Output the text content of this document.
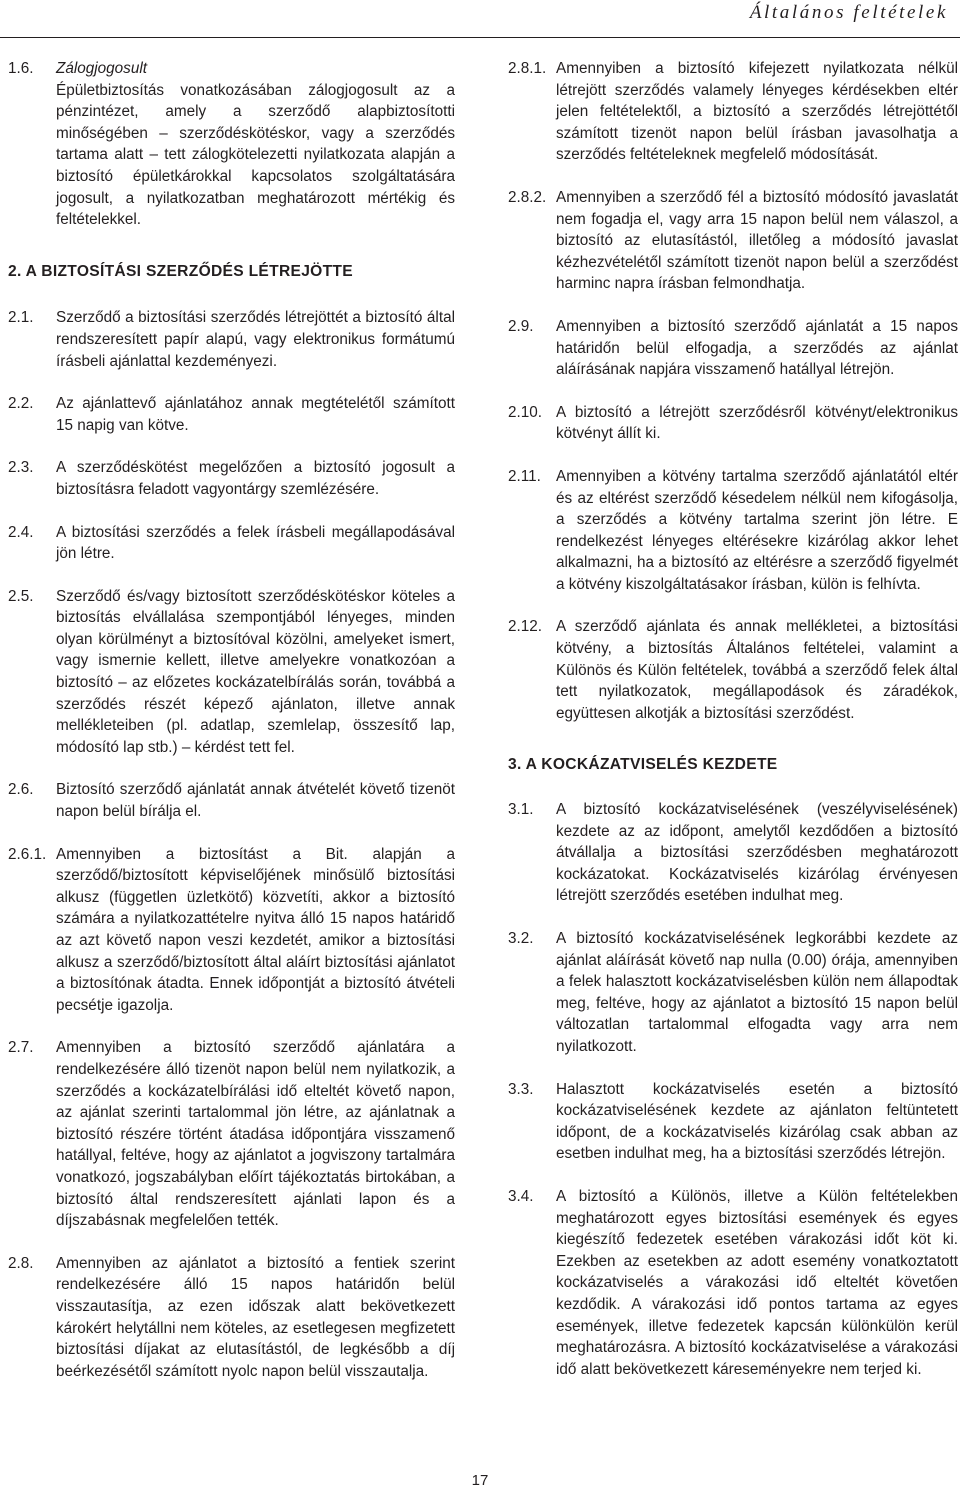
Általános feltételek
1.6.	Zálogjogosult
Épületbiztosítás vonatkozásában zálogjogosult az a pénzintézet, amely a szerződő alapbiztosítotti minőségében – szerződéskötéskor, vagy a szerződés tartama alatt – tett zálogkötelezetti nyilatkozata alapján a biztosító épületkárokkal kapcsolatos szolgáltatására jogosult, a nyilatkozatban meghatározott mértékig és feltételekkel.
2. A BIZTOSÍTÁSI SZERZŐDÉS LÉTREJÖTTE
2.1.	Szerződő a biztosítási szerződés létrejöttét a biztosító által rendszeresített papír alapú, vagy elektronikus formátumú írásbeli ajánlattal kezdeményezi.
2.2.	Az ajánlattevő ajánlatához annak megtételétől számított 15 napig van kötve.
2.3.	A szerződéskötést megelőzően a biztosító jogosult a biztosításra feladott vagyontárgy szemlézésére.
2.4.	A biztosítási szerződés a felek írásbeli megállapodásával jön létre.
2.5.	Szerződő és/vagy biztosított szerződéskötéskor köteles a biztosítás elvállalása szempontjából lényeges, minden olyan körülményt a biztosítóval közölni, amelyeket ismert, vagy ismernie kellett, illetve amelyekre vonatkozóan a biztosító – az előzetes kockázatelbírálás során, továbbá a szerződés részét képező ajánlaton, illetve annak mellékleteiben (pl. adatlap, szemlelap, összesítő lap, módosító lap stb.) – kérdést tett fel.
2.6.	Biztosító szerződő ajánlatát annak átvételét követő tizenöt napon belül bírálja el.
2.6.1. Amennyiben a biztosítást a Bit. alapján a szerződő/biztosított képviselőjének minősülő biztosítási alkusz (független üzletkötő) közvetíti, akkor a biztosító számára a nyilatkozattételre nyitva álló 15 napos határidő az azt követő napon veszi kezdetét, amikor a biztosítási alkusz a szerződő/biztosított által aláírt biztosítási ajánlatot a biztosítónak átadta. Ennek időpontját a biztosító átvételi pecsétje igazolja.
2.7.	Amennyiben a biztosító szerződő ajánlatára a rendelkezésére álló tizenöt napon belül nem nyilatkozik, a szerződés a kockázatelbírálási idő elteltét követő napon, az ajánlat szerinti tartalommal jön létre, az ajánlatnak a biztosító részére történt átadása időpontjára visszamenő hatállyal, feltéve, hogy az ajánlatot a jogviszony tartalmára vonatkozó, jogszabályban előírt tájékoztatás birtokában, a biztosító által rendszeresített ajánlati lapon és a díjszabásnak megfelelően tették.
2.8.	Amennyiben az ajánlatot a biztosító a fentiek szerint rendelkezésére álló 15 napos határidőn belül visszautasítja, az ezen időszak alatt bekövetkezett károkért helytállni nem köteles, az esetlegesen megfizetett biztosítási díjakat az elutasítástól, de legkésőbb a díj beérkezésétől számított nyolc napon belül visszautalja.
2.8.1. Amennyiben a biztosító kifejezett nyilatkozata nélkül létrejött szerződés valamely lényeges kérdésekben eltér jelen feltételektől, a biztosító a szerződés létrejöttétől számított tizenöt napon belül írásban javasolhatja a szerződés feltételeknek megfelelő módosítását.
2.8.2. Amennyiben a szerződő fél a biztosító módosító javaslatát nem fogadja el, vagy arra 15 napon belül nem válaszol, a biztosító az elutasítástól, illetőleg a módosító javaslat kézhezvételétől számított tizenöt napon belül a szerződést harminc napra írásban felmondhatja.
2.9.	Amennyiben a biztosító szerződő ajánlatát a 15 napos határidőn belül elfogadja, a szerződés az ajánlat aláírásának napjára visszamenő hatállyal létrejön.
2.10. A biztosító a létrejött szerződésről kötvényt/elektronikus kötvényt állít ki.
2.11. Amennyiben a kötvény tartalma szerződő ajánlatától eltér és az eltérést szerződő késedelem nélkül nem kifogásolja, a szerződés a kötvény tartalma szerint jön létre. E rendelkezést lényeges eltérésekre kizárólag akkor lehet alkalmazni, ha a biztosító az eltérésre a szerződő figyelmét a kötvény kiszolgáltatásakor írásban, külön is felhívta.
2.12. A szerződő ajánlata és annak mellékletei, a biztosítási kötvény, a biztosítás Általános feltételei, valamint a Különös és Külön feltételek, továbbá a szerződő felek által tett nyilatkozatok, megállapodások és záradékok, együttesen alkotják a biztosítási szerződést.
3. A KOCKÁZATVISELÉS KEZDETE
3.1.	A biztosító kockázatviselésének (veszélyviselésének) kezdete az az időpont, amelytől kezdődően a biztosító átvállalja a biztosítási szerződésben meghatározott kockázatokat. Kockázatviselés kizárólag érvényesen létrejött szerződés esetében indulhat meg.
3.2.	A biztosító kockázatviselésének legkorábbi kezdete az ajánlat aláírását követő nap nulla (0.00) órája, amennyiben a felek halasztott kockázatviselésben külön nem állapodtak meg, feltéve, hogy az ajánlatot a biztosító 15 napon belül változatlan tartalommal elfogadta vagy arra nem nyilatkozott.
3.3.	Halasztott kockázatviselés esetén a biztosító kockázatviselésének kezdete az ajánlaton feltüntetett időpont, de a kockázatviselés kizárólag csak abban az esetben indulhat meg, ha a biztosítási szerződés létrejön.
3.4.	A biztosító a Különös, illetve a Külön feltételekben meghatározott egyes biztosítási események és egyes kiegészítő fedezetek esetében várakozási időt köt ki. Ezekben az esetekben az adott esemény vonatkoztatott kockázatviselés a várakozási idő elteltét követően kezdődik. A várakozási idő pontos tartama az egyes események, illetve fedezetek kapcsán különkülön kerül meghatározásra. A biztosító kockázatviselése a várakozási idő alatt bekövetkezett káreseményekre nem terjed ki.
17
